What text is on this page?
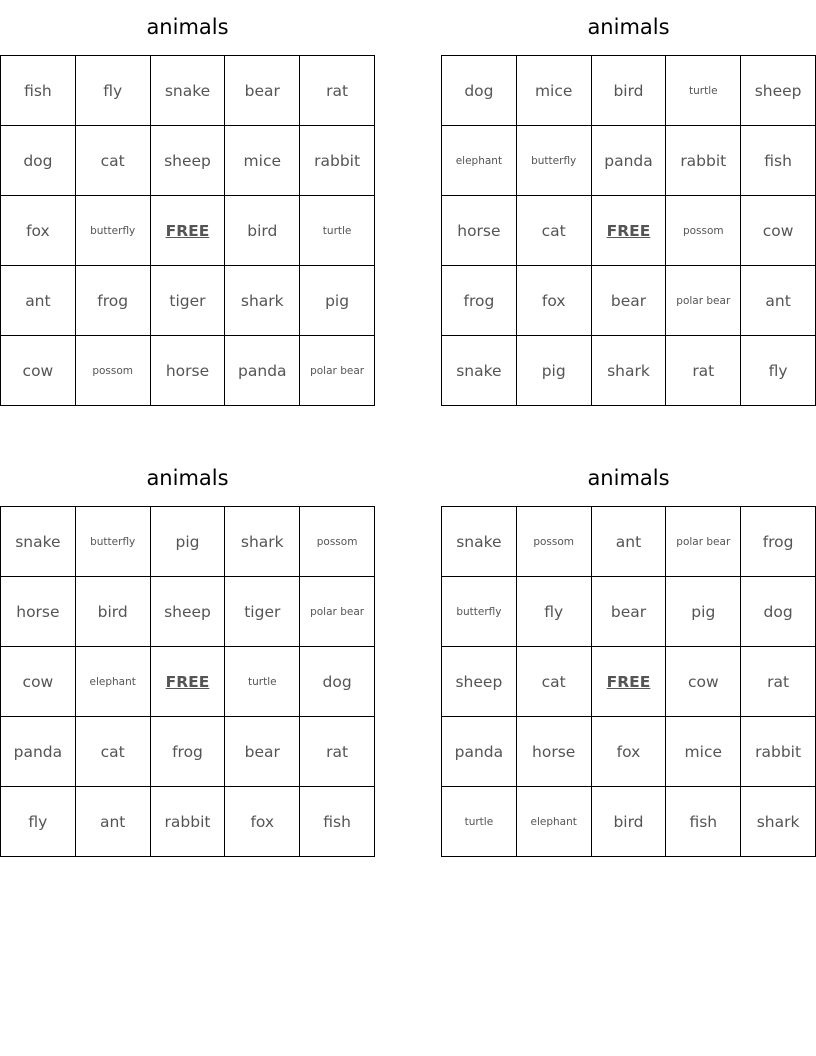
animals
fish	fly	snake	bear	rat
dog	cat	sheep	mice	rabbit
fox	butterfly	FREE	bird	turtle
ant	frog	tiger	shark	pig
cow	possom	horse	panda	polar bear
animals
dog	mice	bird	turtle	sheep
elephant	butterfly	panda	rabbit	fish
horse	cat	FREE	possom	cow
frog	fox	bear	polar bear	ant
snake	pig	shark	rat	fly
animals
snake	butterfly	pig	shark	possom
horse	bird	sheep	tiger	polar bear
cow	elephant	FREE	turtle	dog
panda	cat	frog	bear	rat
fly	ant	rabbit	fox	fish
animals
snake	possom	ant	polar bear	frog
butterfly	fly	bear	pig	dog
sheep	cat	FREE	cow	rat
panda	horse	fox	mice	rabbit
turtle	elephant	bird	fish	shark
